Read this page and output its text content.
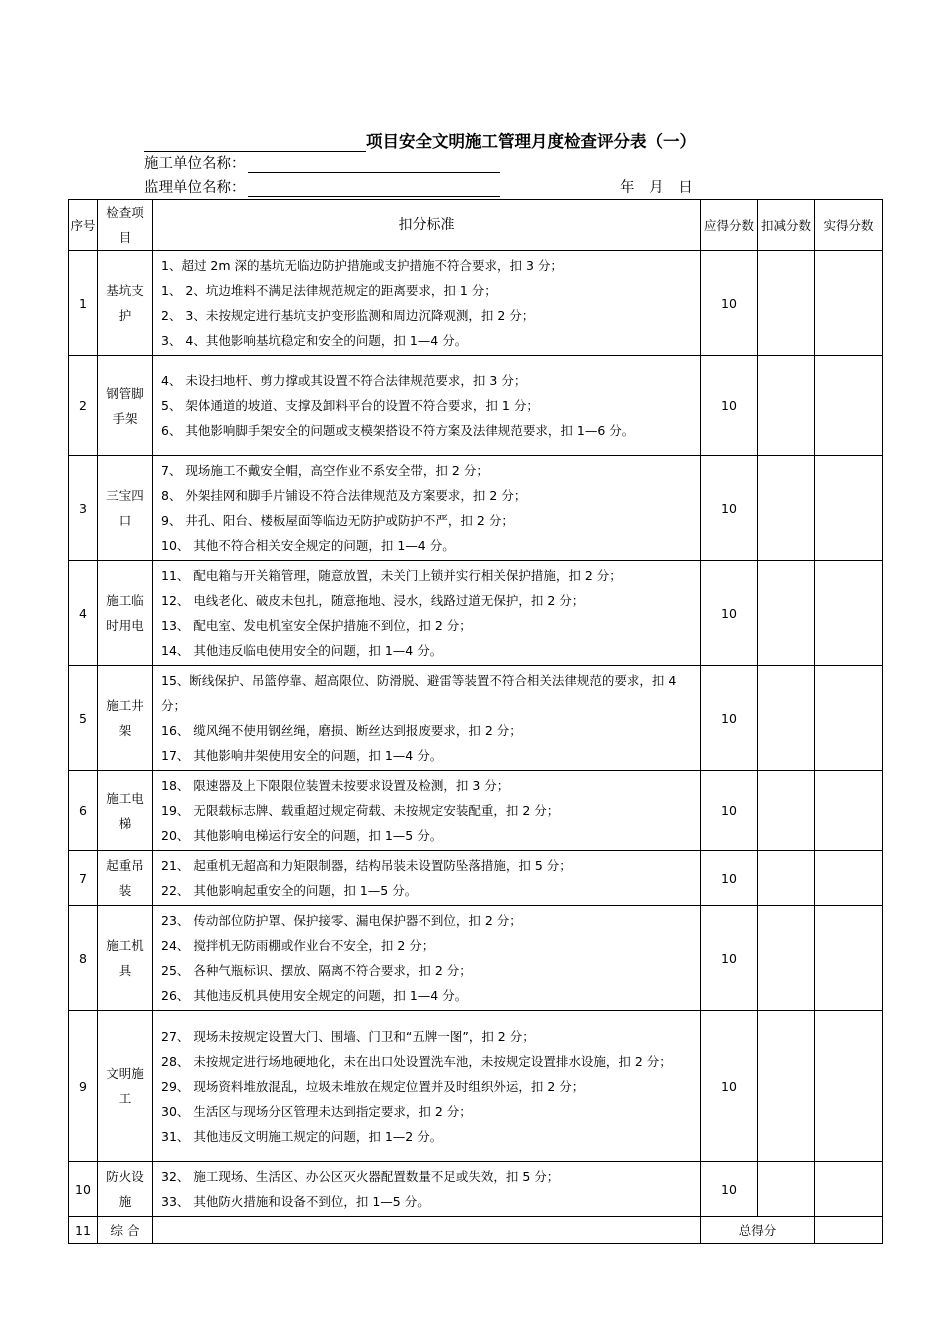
项目安全文明施工管理月度检查评分表（一）
施工单位名称：
监理单位名称：	年 月 日
序号	检查项目	扣分标准	应得分数	扣减分数	实得分数
1	基坑支护	1、超过 2m 深的基坑无临边防护措施或支护措施不符合要求，扣 3 分；
1、 2、坑边堆料不满足法律规范规定的距离要求，扣 1 分；
2、 3、未按规定进行基坑支护变形监测和周边沉降观测，扣 2 分；
3、 4、其他影响基坑稳定和安全的问题，扣 1—4 分。	10		
2	钢管脚手架	4、 未设扫地杆、剪力撑或其设置不符合法律规范要求，扣 3 分；
5、 架体通道的坡道、支撑及卸料平台的设置不符合要求，扣 1 分；
6、 其他影响脚手架安全的问题或支模架搭设不符方案及法律规范要求，扣 1—6 分。	10		
3	三宝四口	7、 现场施工不戴安全帽，高空作业不系安全带，扣 2 分；
8、 外架挂网和脚手片铺设不符合法律规范及方案要求，扣 2 分；
9、 井孔、阳台、楼板屋面等临边无防护或防护不严，扣 2 分；
10、 其他不符合相关安全规定的问题，扣 1—4 分。	10		
4	施工临时用电	11、 配电箱与开关箱管理，随意放置，未关门上锁并实行相关保护措施，扣 2 分；
12、 电线老化、破皮未包扎，随意拖地、浸水，线路过道无保护，扣 2 分；
13、 配电室、发电机室安全保护措施不到位，扣 2 分；
14、 其他违反临电使用安全的问题，扣 1—4 分。	10		
5	施工井架	15、断线保护、吊篮停靠、超高限位、防滑脱、避雷等装置不符合相关法律规范的要求，扣 4 分；
16、 缆风绳不使用钢丝绳，磨损、断丝达到报废要求，扣 2 分；
17、 其他影响井架使用安全的问题，扣 1—4 分。	10		
6	施工电梯	18、 限速器及上下限限位装置未按要求设置及检测，扣 3 分；
19、 无限载标志牌、载重超过规定荷载、未按规定安装配重，扣 2 分；
20、 其他影响电梯运行安全的问题，扣 1—5 分。	10		
7	起重吊装	21、 起重机无超高和力矩限制器，结构吊装未设置防坠落措施，扣 5 分；
22、 其他影响起重安全的问题，扣 1—5 分。	10		
8	施工机具	23、 传动部位防护罩、保护接零、漏电保护器不到位，扣 2 分；
24、 搅拌机无防雨棚或作业台不安全，扣 2 分；
25、 各种气瓶标识、摆放、隔离不符合要求，扣 2 分；
26、 其他违反机具使用安全规定的问题，扣 1—4 分。	10		
9	文明施工	27、 现场未按规定设置大门、围墙、门卫和“五牌一图”，扣 2 分；
28、 未按规定进行场地硬地化，未在出口处设置洗车池，未按规定设置排水设施，扣 2 分；
29、 现场资料堆放混乱，垃圾未堆放在规定位置并及时组织外运，扣 2 分；
30、 生活区与现场分区管理未达到指定要求，扣 2 分；
31、 其他违反文明施工规定的问题，扣 1—2 分。	10		
10	防火设施	32、 施工现场、生活区、办公区灭火器配置数量不足或失效，扣 5 分；
33、 其他防火措施和设备不到位，扣 1—5 分。	10		
11	综 合		总得分		
